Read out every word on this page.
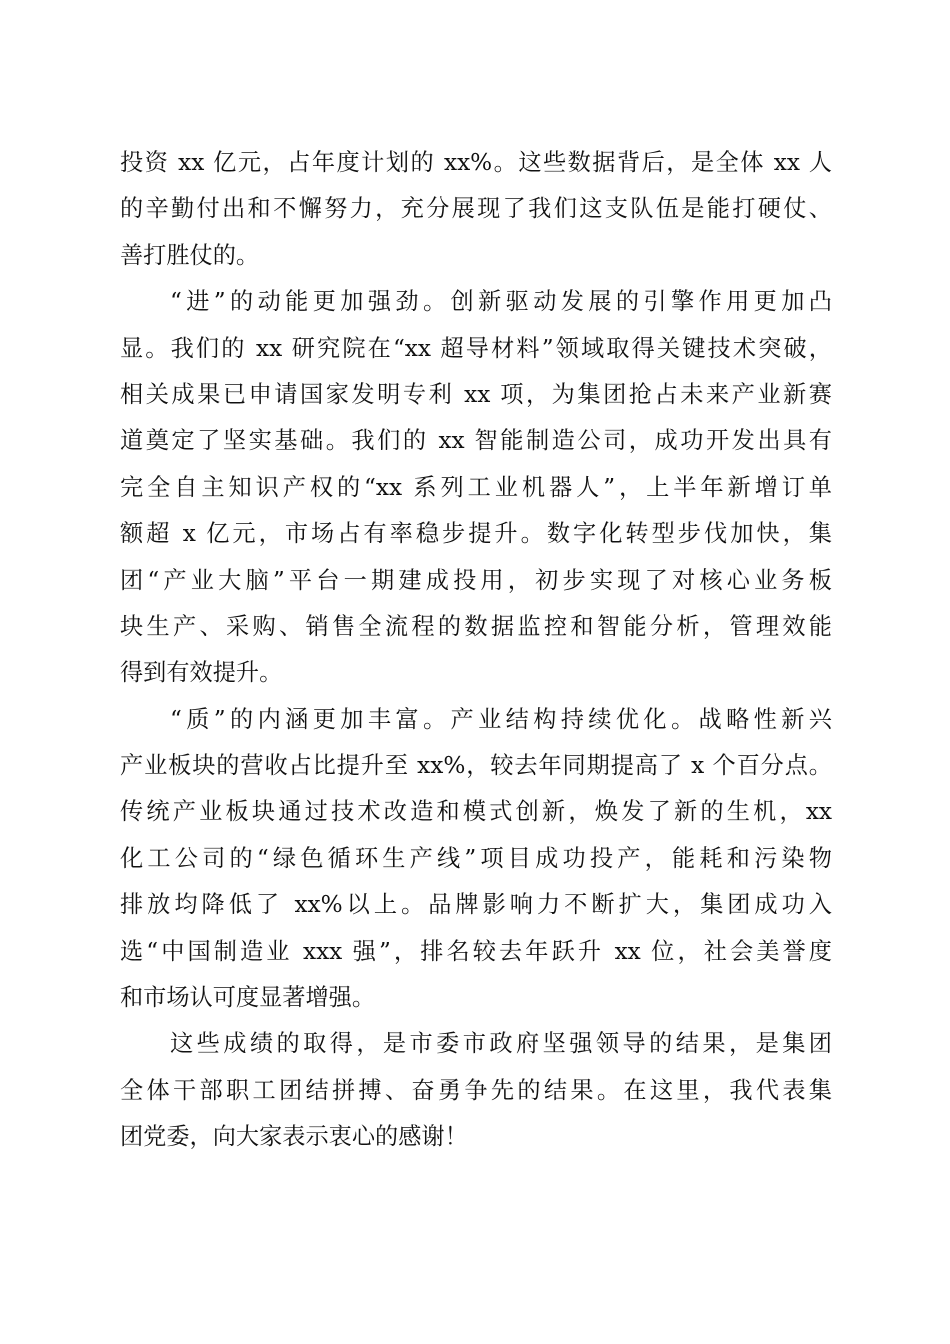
投资 xx 亿元，占年度计划的 xx%。这些数据背后，是全体 xx 人
的辛勤付出和不懈努力，充分展现了我们这支队伍是能打硬仗、
善打胜仗的。
“进”的动能更加强劲。创新驱动发展的引擎作用更加凸
显。我们的 xx 研究院在“xx 超导材料”领域取得关键技术突破，
相关成果已申请国家发明专利 xx 项，为集团抢占未来产业新赛
道奠定了坚实基础。我们的 xx 智能制造公司，成功开发出具有
完全自主知识产权的“xx 系列工业机器人”，上半年新增订单
额超 x 亿元，市场占有率稳步提升。数字化转型步伐加快，集
团“产业大脑”平台一期建成投用，初步实现了对核心业务板
块生产、采购、销售全流程的数据监控和智能分析，管理效能
得到有效提升。
“质”的内涵更加丰富。产业结构持续优化。战略性新兴
产业板块的营收占比提升至 xx%，较去年同期提高了 x 个百分点。
传统产业板块通过技术改造和模式创新，焕发了新的生机，xx
化工公司的“绿色循环生产线”项目成功投产，能耗和污染物
排放均降低了 xx%以上。品牌影响力不断扩大，集团成功入
选“中国制造业 xxx 强”，排名较去年跃升 xx 位，社会美誉度
和市场认可度显著增强。
这些成绩的取得，是市委市政府坚强领导的结果，是集团
全体干部职工团结拼搏、奋勇争先的结果。在这里，我代表集
团党委，向大家表示衷心的感谢！
